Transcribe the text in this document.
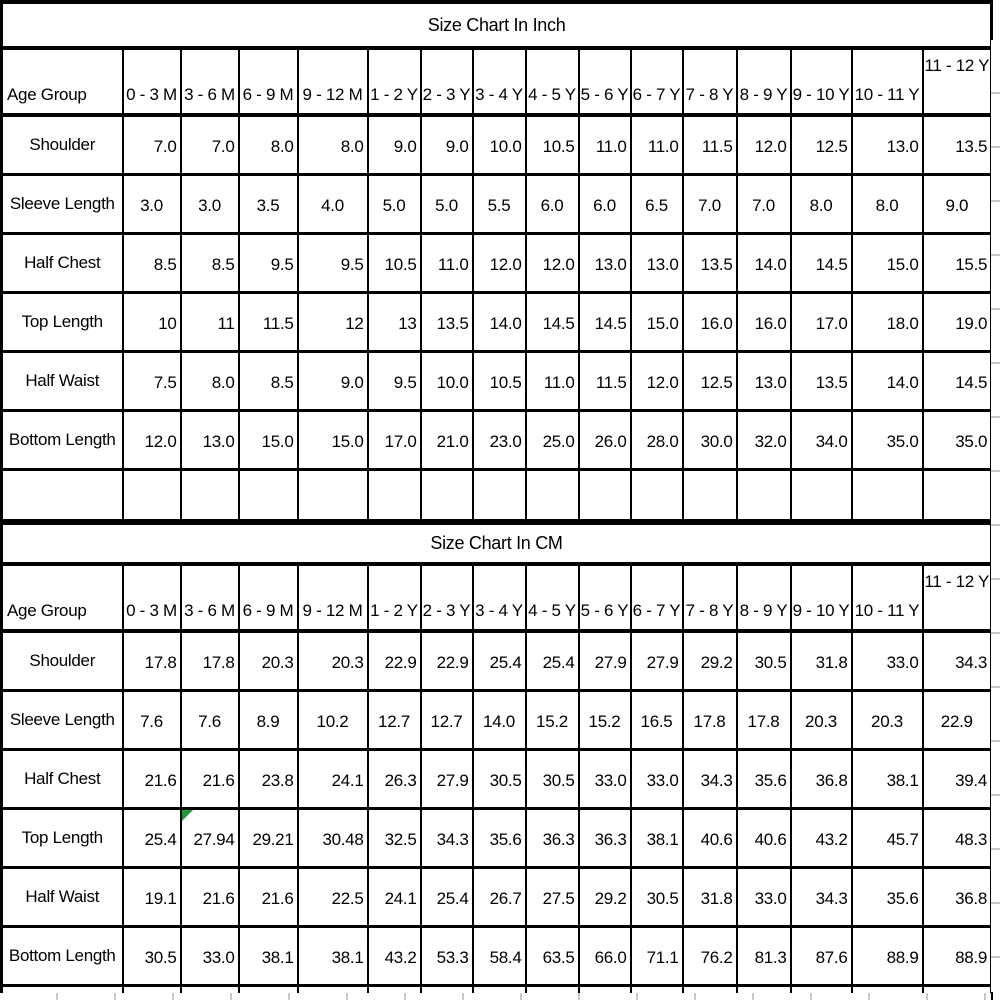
Size Chart In Inch															
Age Group	0 - 3 M	3 - 6 M	6 - 9 M	9 - 12 M	1 - 2 Y	2 - 3 Y	3 - 4 Y	4 - 5 Y	5 - 6 Y	6 - 7 Y	7 - 8 Y	8 - 9 Y	9 - 10 Y	10 - 11 Y	11 - 12 Y
Shoulder	7.0	7.0	8.0	8.0	9.0	9.0	10.0	10.5	11.0	11.0	11.5	12.0	12.5	13.0	13.5
Sleeve Length	3.0	3.0	3.5	4.0	5.0	5.0	5.5	6.0	6.0	6.5	7.0	7.0	8.0	8.0	9.0
Half Chest	8.5	8.5	9.5	9.5	10.5	11.0	12.0	12.0	13.0	13.0	13.5	14.0	14.5	15.0	15.5
Top Length	10	11	11.5	12	13	13.5	14.0	14.5	14.5	15.0	16.0	16.0	17.0	18.0	19.0
Half Waist	7.5	8.0	8.5	9.0	9.5	10.0	10.5	11.0	11.5	12.0	12.5	13.0	13.5	14.0	14.5
Bottom Length	12.0	13.0	15.0	15.0	17.0	21.0	23.0	25.0	26.0	28.0	30.0	32.0	34.0	35.0	35.0

Size Chart In CM															
Age Group	0 - 3 M	3 - 6 M	6 - 9 M	9 - 12 M	1 - 2 Y	2 - 3 Y	3 - 4 Y	4 - 5 Y	5 - 6 Y	6 - 7 Y	7 - 8 Y	8 - 9 Y	9 - 10 Y	10 - 11 Y	11 - 12 Y
Shoulder	17.8	17.8	20.3	20.3	22.9	22.9	25.4	25.4	27.9	27.9	29.2	30.5	31.8	33.0	34.3
Sleeve Length	7.6	7.6	8.9	10.2	12.7	12.7	14.0	15.2	15.2	16.5	17.8	17.8	20.3	20.3	22.9
Half Chest	21.6	21.6	23.8	24.1	26.3	27.9	30.5	30.5	33.0	33.0	34.3	35.6	36.8	38.1	39.4
Top Length	25.4	27.94	29.21	30.48	32.5	34.3	35.6	36.3	36.3	38.1	40.6	40.6	43.2	45.7	48.3
Half Waist	19.1	21.6	21.6	22.5	24.1	25.4	26.7	27.5	29.2	30.5	31.8	33.0	34.3	35.6	36.8
Bottom Length	30.5	33.0	38.1	38.1	43.2	53.3	58.4	63.5	66.0	71.1	76.2	81.3	87.6	88.9	88.9
